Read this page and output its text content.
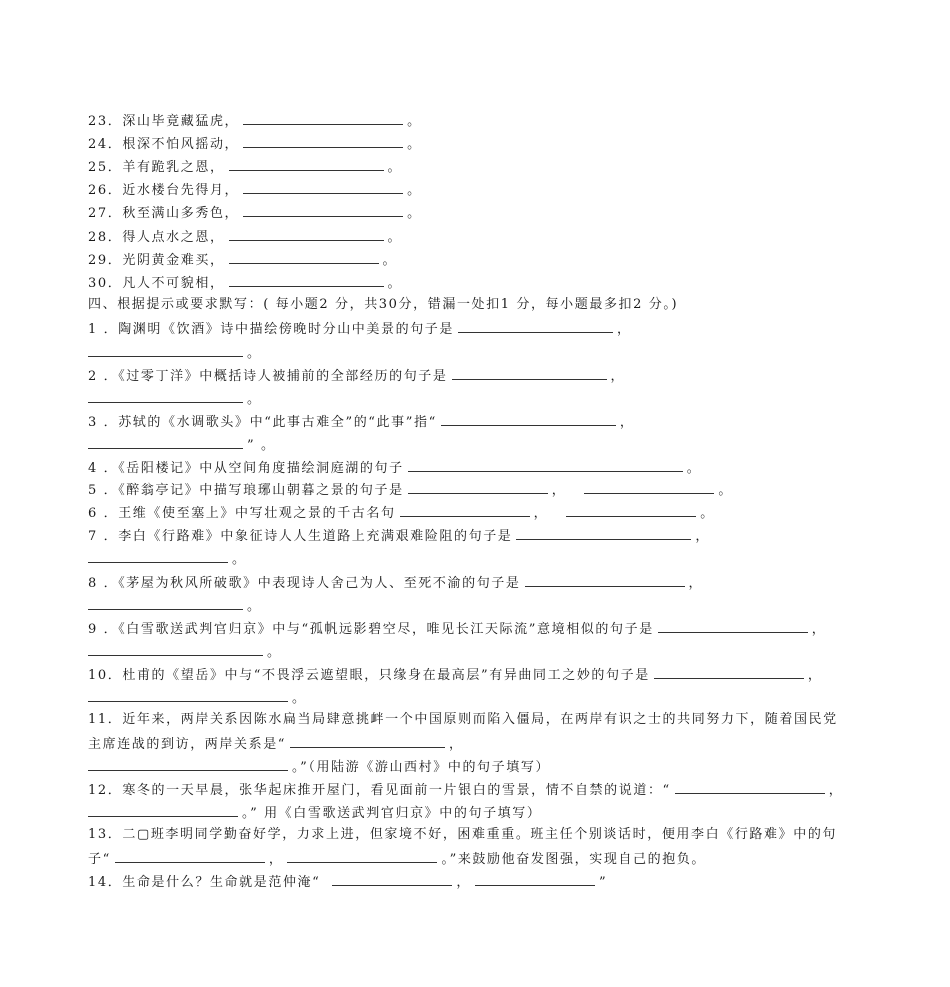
23．深山毕竟藏猛虎，	。
24．根深不怕风摇动，	。
25．羊有跪乳之恩，	。
26．近水楼台先得月，	。
27．秋至满山多秀色，	。
28．得人点水之恩，	。
29．光阴黄金难买，	。
30．凡人不可貌相，	。
四、根据提示或要求默写：( 每小题2 分，共30分，错漏一处扣1 分，每小题最多扣2 分。)
1 ．陶渊明《饮酒》诗中描绘傍晚时分山中美景的句子是	，
。
2 ．《过零丁洋》中概括诗人被捕前的全部经历的句子是	，
。
3 ．苏轼的《水调歌头》中“此事古难全”的“此事”指“	，
” 。
4 ．《岳阳楼记》中从空间角度描绘洞庭湖的句子	。
5 ．《醉翁亭记》中描写琅琊山朝暮之景的句子是	，	。
6 ．王维《使至塞上》中写壮观之景的千古名句	，	。
7 ．李白《行路难》中象征诗人人生道路上充满艰难险阻的句子是	，
。
8 ．《茅屋为秋风所破歌》中表现诗人舍己为人、至死不渝的句子是	，
。
9 ．《白雪歌送武判官归京》中与“孤帆远影碧空尽，唯见长江天际流”意境相似的句子是	，
。
10．杜甫的《望岳》中与“不畏浮云遮望眼，只缘身在最高层”有异曲同工之妙的句子是	，
。
11．近年来，两岸关系因陈水扁当局肆意挑衅一个中国原则而陷入僵局，在两岸有识之士的共同努力下，随着国民党
主席连战的到访，两岸关系是“	，
。”（用陆游《游山西村》中的句子填写）
12．寒冬的一天早晨，张华起床推开屋门，看见面前一片银白的雪景，情不自禁的说道：“	，
。” 用《白雪歌送武判官归京》中的句子填写）
13．二▢班李明同学勤奋好学，力求上进，但家境不好，困难重重。班主任个别谈话时，便用李白《行路难》中的句
子“	，	。”来鼓励他奋发图强，实现自己的抱负。
14．生命是什么？生命就是范仲淹“	，	”
